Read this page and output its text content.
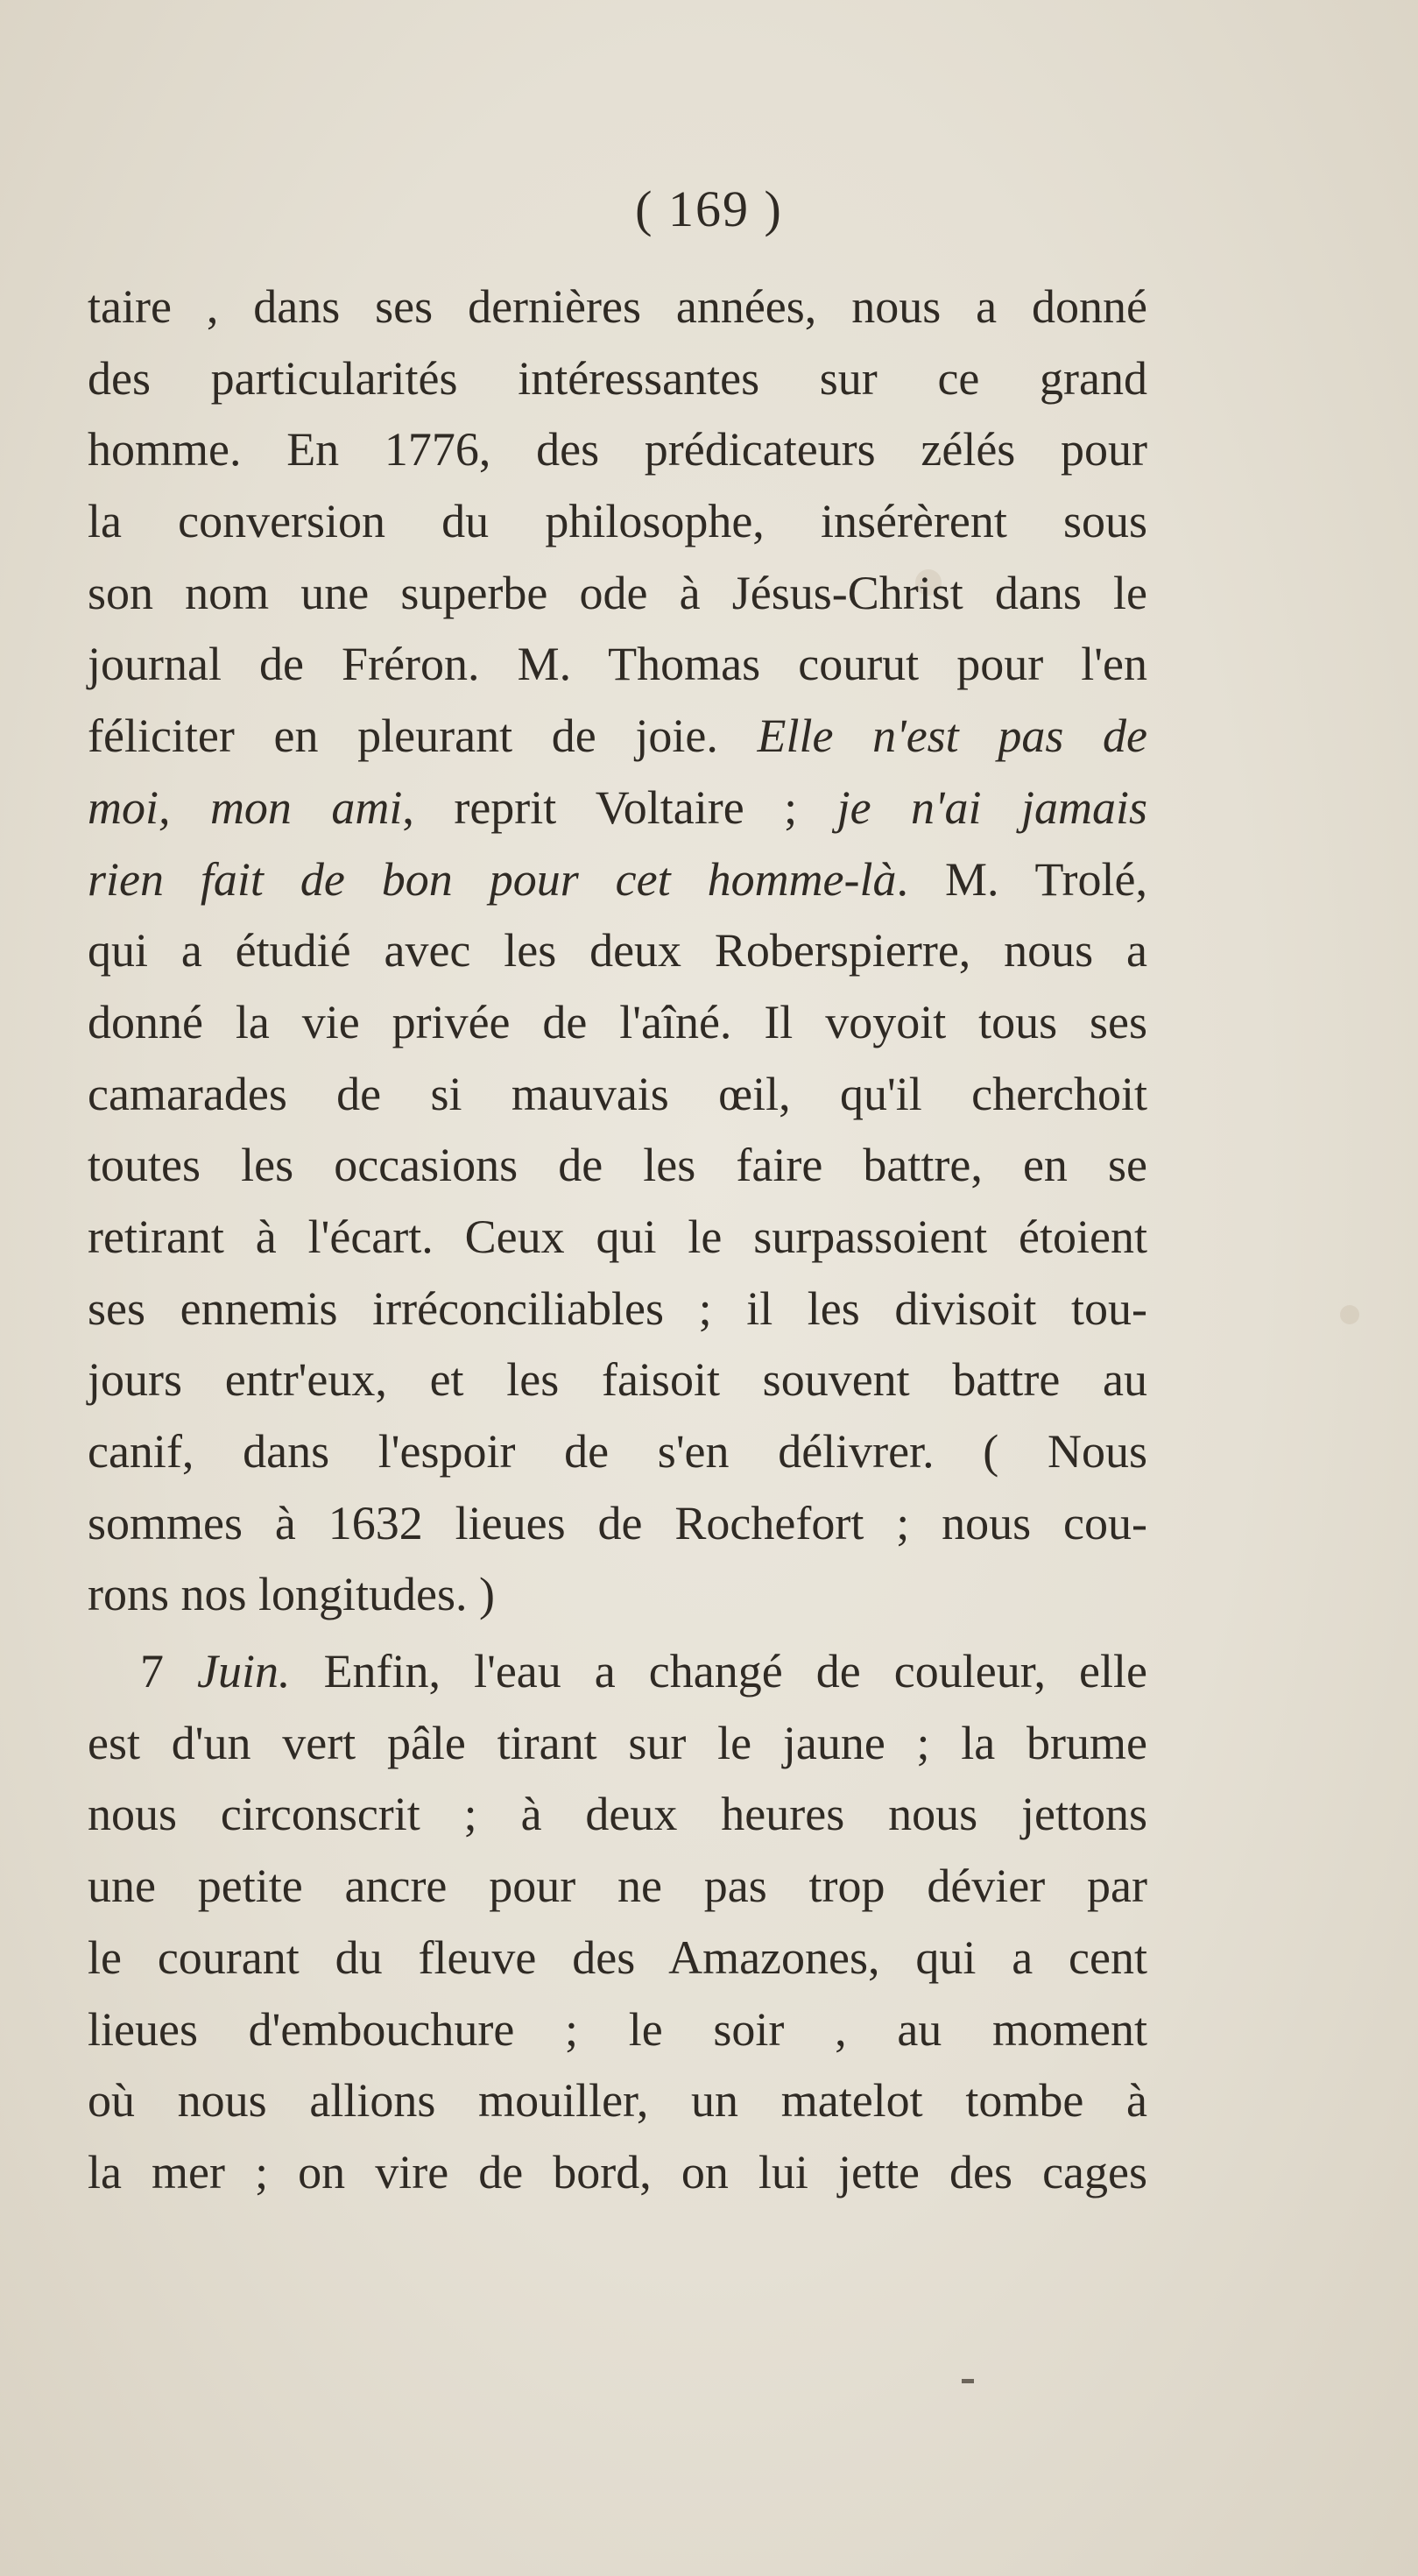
( 169 )
taire , dans ses dernières années, nous a donné
des particularités intéressantes sur ce grand
homme. En 1776, des prédicateurs zélés pour
la conversion du philosophe, insérèrent sous
son nom une superbe ode à Jésus-Christ dans le
journal de Fréron. M. Thomas courut pour l'en
féliciter en pleurant de joie. Elle n'est pas de
moi, mon ami, reprit Voltaire ; je n'ai jamais
rien fait de bon pour cet homme-là. M. Trolé,
qui a étudié avec les deux Roberspierre, nous a
donné la vie privée de l'aîné. Il voyoit tous ses
camarades de si mauvais œil, qu'il cherchoit
toutes les occasions de les faire battre, en se
retirant à l'écart. Ceux qui le surpassoient étoient
ses ennemis irréconciliables ; il les divisoit tou-
jours entr'eux, et les faisoit souvent battre au
canif, dans l'espoir de s'en délivrer. ( Nous
sommes à 1632 lieues de Rochefort ; nous cou-
rons nos longitudes. )
7 Juin. Enfin, l'eau a changé de couleur, elle
est d'un vert pâle tirant sur le jaune ; la brume
nous circonscrit ; à deux heures nous jettons
une petite ancre pour ne pas trop dévier par
le courant du fleuve des Amazones, qui a cent
lieues d'embouchure ; le soir , au moment
où nous allions mouiller, un matelot tombe à
la mer ; on vire de bord, on lui jette des cages
